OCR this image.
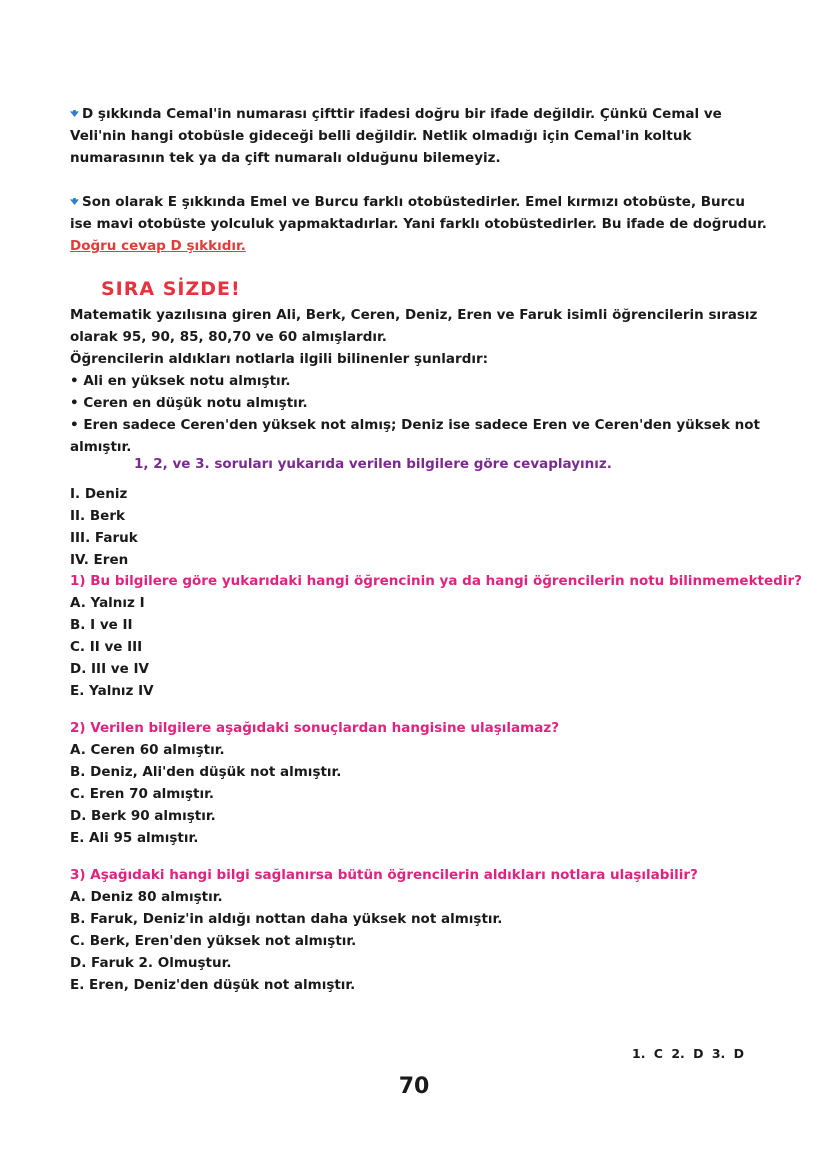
D şıkkında Cemal'in numarası çifttir ifadesi doğru bir ifade değildir. Çünkü Cemal ve Veli'nin hangi otobüsle gideceği belli değildir. Netlik olmadığı için Cemal'in koltuk numarasının tek ya da çift numaralı olduğunu bilemeyiz.
Son olarak E şıkkında Emel ve Burcu farklı otobüstedirler. Emel kırmızı otobüste, Burcu ise mavi otobüste yolculuk yapmaktadırlar. Yani farklı otobüstedirler. Bu ifade de doğrudur.
Doğru cevap D şıkkıdır.
SIRA SİZDE!
Matematik yazılısına giren Ali, Berk, Ceren, Deniz, Eren ve Faruk isimli öğrencilerin sırasız
olarak 95, 90, 85, 80,70 ve 60 almışlardır.
Öğrencilerin aldıkları notlarla ilgili bilinenler şunlardır:
• Ali en yüksek notu almıştır.
• Ceren en düşük notu almıştır.
• Eren sadece Ceren'den yüksek not almış; Deniz ise sadece Eren ve Ceren'den yüksek not
almıştır.
1, 2, ve 3. soruları yukarıda verilen bilgilere göre cevaplayınız.
I. Deniz
II. Berk
III. Faruk
IV. Eren
1) Bu bilgilere göre yukarıdaki hangi öğrencinin ya da hangi öğrencilerin notu bilinmemektedir?
A. Yalnız I
B. I ve II
C. II ve III
D. III ve IV
E. Yalnız IV
2) Verilen bilgilere aşağıdaki sonuçlardan hangisine ulaşılamaz?
A. Ceren 60 almıştır.
B. Deniz, Ali'den düşük not almıştır.
C. Eren 70 almıştır.
D. Berk 90 almıştır.
E. Ali 95 almıştır.
3) Aşağıdaki hangi bilgi sağlanırsa bütün öğrencilerin aldıkları notlara ulaşılabilir?
A. Deniz 80 almıştır.
B. Faruk, Deniz'in aldığı nottan daha yüksek not almıştır.
C. Berk, Eren'den yüksek not almıştır.
D. Faruk 2. Olmuştur.
E. Eren, Deniz'den düşük not almıştır.
1. C 2. D 3. D
70
